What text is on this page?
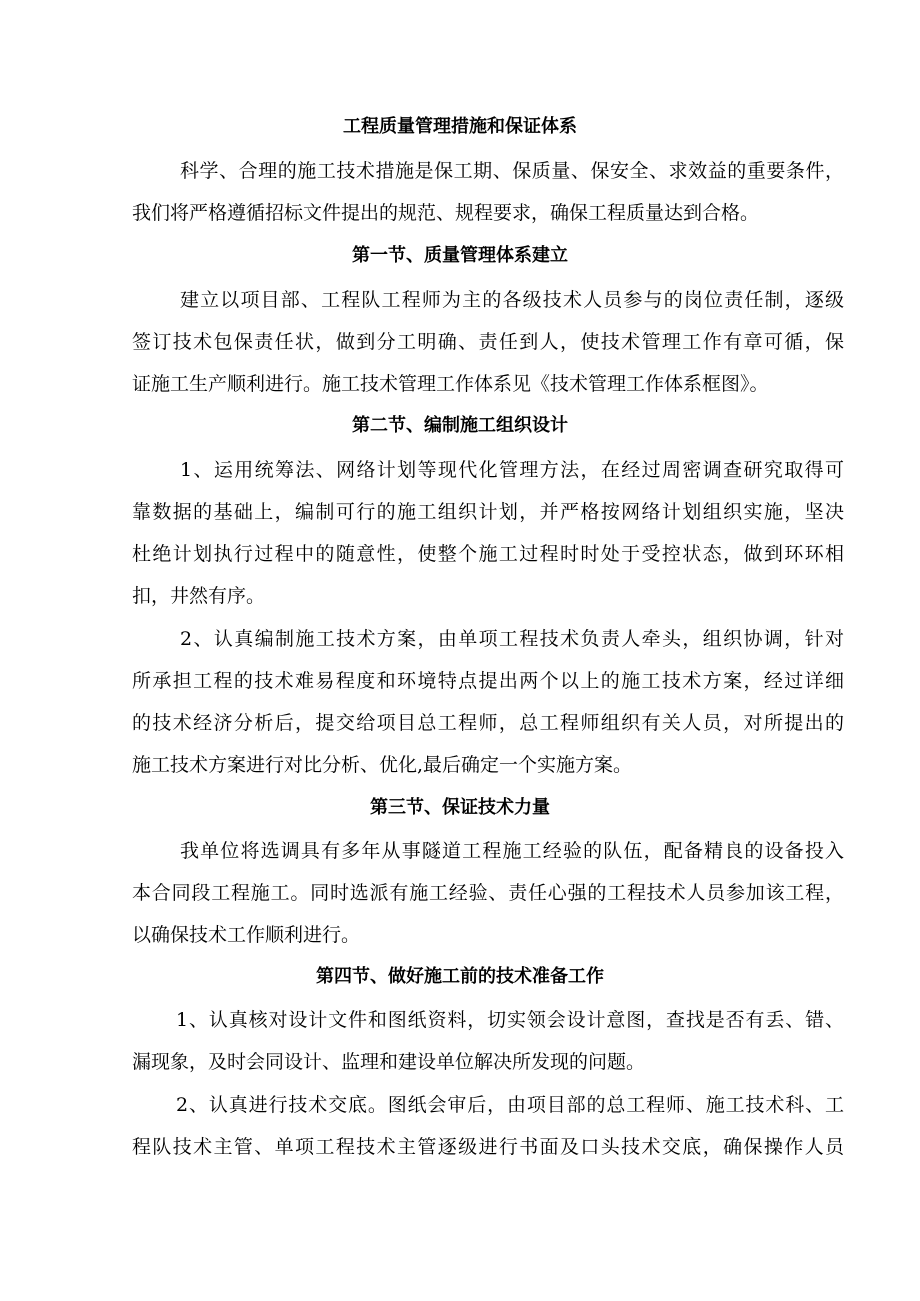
工程质量管理措施和保证体系
科学、合理的施工技术措施是保工期、保质量、保安全、求效益的重要条件，
我们将严格遵循招标文件提出的规范、规程要求，确保工程质量达到合格。
第一节、质量管理体系建立
建立以项目部、工程队工程师为主的各级技术人员参与的岗位责任制，逐级
签订技术包保责任状，做到分工明确、责任到人，使技术管理工作有章可循，保
证施工生产顺利进行。施工技术管理工作体系见《技术管理工作体系框图》。
第二节、编制施工组织设计
1、运用统筹法、网络计划等现代化管理方法，在经过周密调查研究取得可
靠数据的基础上，编制可行的施工组织计划，并严格按网络计划组织实施，坚决
杜绝计划执行过程中的随意性，使整个施工过程时时处于受控状态，做到环环相
扣，井然有序。
2、认真编制施工技术方案，由单项工程技术负责人牵头，组织协调，针对
所承担工程的技术难易程度和环境特点提出两个以上的施工技术方案，经过详细
的技术经济分析后，提交给项目总工程师，总工程师组织有关人员，对所提出的
施工技术方案进行对比分析、优化,最后确定一个实施方案。
第三节、保证技术力量
我单位将选调具有多年从事隧道工程施工经验的队伍，配备精良的设备投入
本合同段工程施工。同时选派有施工经验、责任心强的工程技术人员参加该工程，
以确保技术工作顺利进行。
第四节、做好施工前的技术准备工作
1、认真核对设计文件和图纸资料，切实领会设计意图，查找是否有丢、错、
漏现象，及时会同设计、监理和建设单位解决所发现的问题。
2、认真进行技术交底。图纸会审后，由项目部的总工程师、施工技术科、工
程队技术主管、单项工程技术主管逐级进行书面及口头技术交底，确保操作人员
